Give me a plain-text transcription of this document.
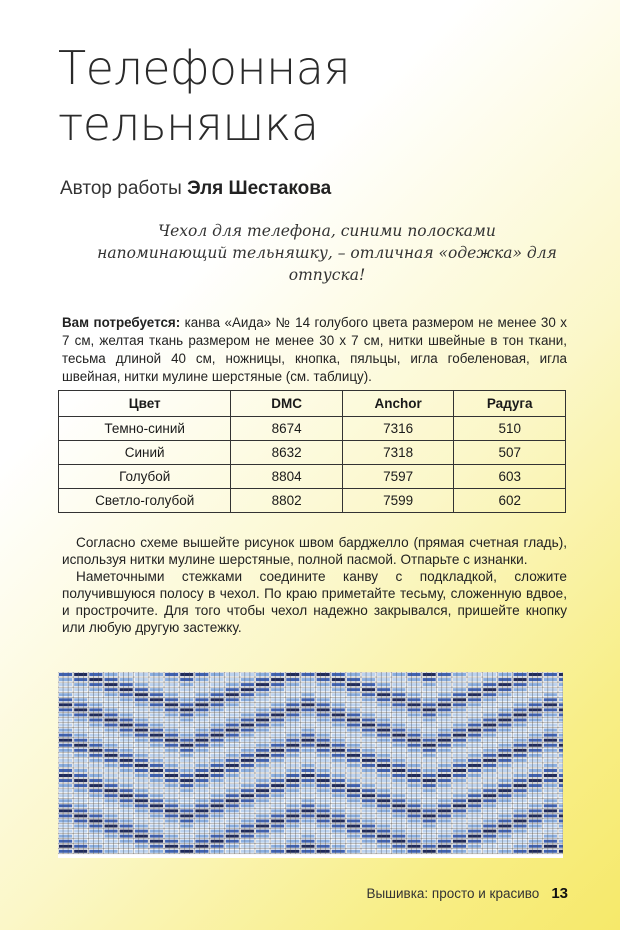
Телефонная
тельняшка
Автор работы Эля Шестакова
Чехол для телефона, синими полосками напоминающий тельняшку, – отличная «одежка» для отпуска!
Вам потребуется: канва «Аида» № 14 голубого цвета размером не менее 30 x 7 см, желтая ткань размером не менее 30 x 7 см, нитки швейные в тон ткани, тесьма длиной 40 см, ножницы, кнопка, пяльцы, игла гобеленовая, игла швейная, нитки мулине шерстяные (см. таблицу).
Цвет	DMC	Anchor	Радуга
Темно-синий	8674	7316	510
Синий	8632	7318	507
Голубой	8804	7597	603
Светло-голубой	8802	7599	602

Согласно схеме вышейте рисунок швом барджелло (прямая счетная гладь), используя нитки мулине шерстяные, полной пасмой. Отпарьте с изнанки.

Наметочными стежками соедините канву с подкладкой, сложите получившуюся полосу в чехол. По краю приметайте тесьму, сложенную вдвое, и прострочите. Для того чтобы чехол надежно закрывался, пришейте кнопку или любую другую застежку.

Вышивка: просто и красиво 13
